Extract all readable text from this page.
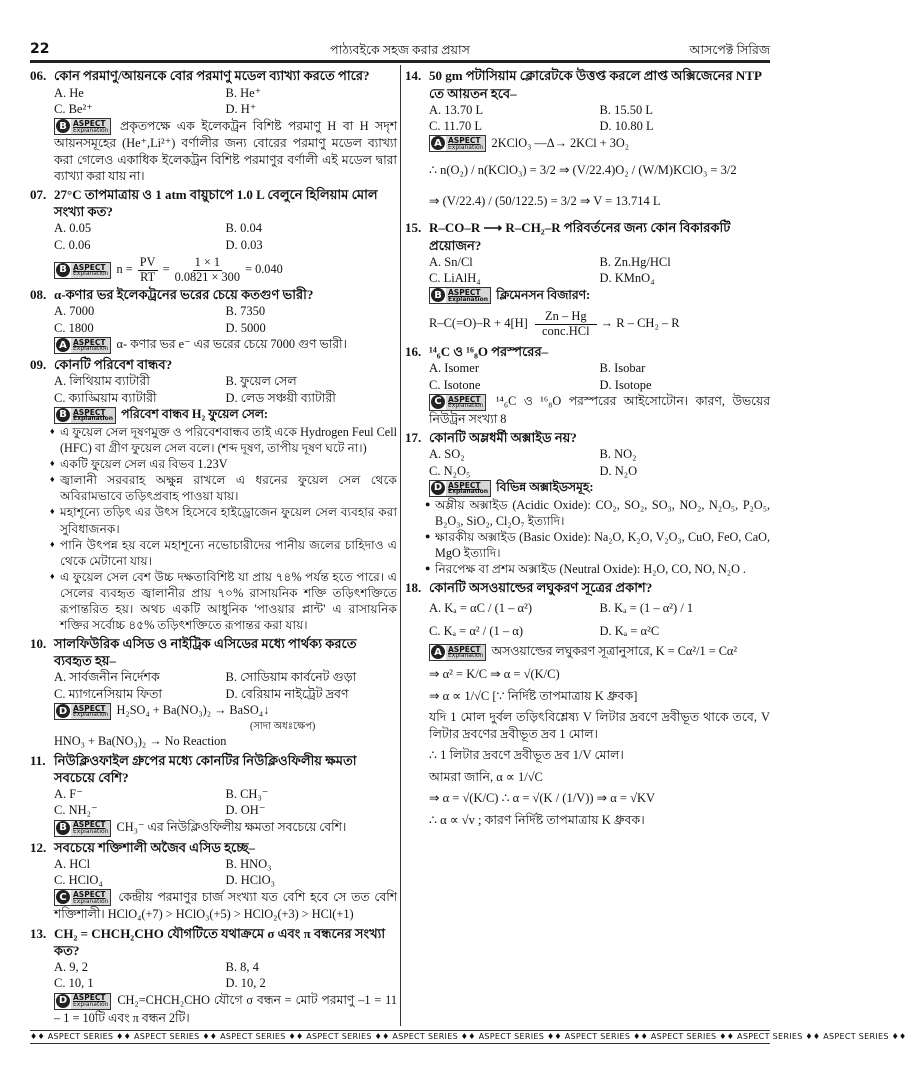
22	পাঠ্যবইকে সহজ করার প্রয়াস	আসপেক্ট সিরিজ
06. কোন পরমাণু/আয়নকে বোর পরমাণু মডেল ব্যাখ্যা করতে পারে?
A. He	B. He⁺
C. Be²⁺	D. H⁺
B ASPECT
Explanation প্রকৃতপক্ষে এক ইলেকট্রন বিশিষ্ট পরমাণু H বা H সদৃশ আয়নসমূহের (He⁺,Li²⁺) বর্ণালীর জন্য বোরের পরমাণু মডেল ব্যাখ্যা করা গেলেও একাধিক ইলেকট্রন বিশিষ্ট পরমাণুর বর্ণালী এই মডেল দ্বারা ব্যাখ্যা করা যায় না।
07. 27°C তাপমাত্রায় ও 1 atm বায়ুচাপে 1.0 L বেলুনে হিলিয়াম মোল সংখ্যা কত?
A. 0.05	B. 0.04
C. 0.06	D. 0.03
B ASPECT
Explanation $n = \frac{PV}{RT} = \frac{1 \times 1}{0.0821 \times 300} = 0.040$
08. α-কণার ভর ইলেকট্রনের ভরের চেয়ে কতগুণ ভারী?
A. 7000	B. 7350
C. 1800	D. 5000
A ASPECT
Explanation α- কণার ভর e⁻ এর ভরের চেয়ে 7000 গুণ ভারী।
09. কোনটি পরিবেশ বান্ধব?
A. লিথিয়াম ব্যাটারী	B. ফুয়েল সেল
C. ক্যাড্মিয়াম ব্যাটারী	D. লেড সঞ্চয়ী ব্যাটারী
B ASPECT
Explanation পরিবেশ বান্ধব H₂ ফুয়েল সেল:
♦ এ ফুয়েল সেল দূষণমুক্ত ও পরিবেশবান্ধব তাই একে Hydrogen Feul Cell (HFC) বা গ্রীণ ফুয়েল সেল বলে। (শব্দ দূষণ, তাপীয় দূষণ ঘটে না।)
♦ একটি ফুয়েল সেল এর বিভব 1.23V
♦ জ্বালানী সরবরাহ অক্ষুন্ন রাখলে এ ধরনের ফুয়েল সেল থেকে অবিরামভাবে তড়িৎপ্রবাহ পাওয়া যায়।
♦ মহাশূন্যে তড়িৎ এর উৎস হিসেবে হাইড্রোজেন ফুয়েল সেল ব্যবহার করা সুবিধাজনক।
♦ পানি উৎপন্ন হয় বলে মহাশূন্যে নভোচারীদের পানীয় জলের চাহিদাও এ থেকে মেটানো যায়।
♦ এ ফুয়েল সেল বেশ উচ্চ দক্ষতাবিশিষ্ট যা প্রায় ৭৪% পর্যন্ত হতে পারে। এ সেলের ব্যবহৃত জ্বালানীর প্রায় ৭০% রাসায়নিক শক্তি তড়িৎশক্তিতে রূপান্তরিত হয়। অথচ একটি আধুনিক 'পাওয়ার প্লান্ট' এ রাসায়নিক শক্তির সর্বোচ্চ ৪৫% তড়িৎশক্তিতে রূপান্তর করা যায়।
10. সালফিউরিক এসিড ও নাইট্রিক এসিডের মধ্যে পার্থক্য করতে ব্যবহৃত হয়–
A. সার্বজনীন নির্দেশক	B. সোডিয়াম কার্বনেট গুড়া
C. ম্যাগনেসিয়াম ফিতা	D. বেরিয়াম নাইট্রেট দ্রবণ
D ASPECT
Explanation H₂SO₄ + Ba(NO₃)₂ → BaSO₄↓
(সাদা অধঃক্ষেপ)
HNO₃ + Ba(NO₃)₂ → No Reaction
11. নিউক্লিওফাইল গ্রুপের মধ্যে কোনটির নিউক্লিওফিলীয় ক্ষমতা সবচেয়ে বেশি?
A. F⁻	B. CH₃⁻
C. NH₂⁻	D. OH⁻
B ASPECT
Explanation CH₃⁻ এর নিউক্লিওফিলীয় ক্ষমতা সবচেয়ে বেশি।
12. সবচেয়ে শক্তিশালী অজৈব এসিড হচ্ছে–
A. HCl	B. HNO₃
C. HClO₄	D. HClO₃
C ASPECT
Explanation কেন্দ্রীয় পরমাণুর চার্জ সংখ্যা যত বেশি হবে সে তত বেশি শক্তিশালী। HClO₄(+7) > HClO₃(+5) > HClO₂(+3) > HCl(+1)
13. CH₂ = CHCH₂CHO যৌগটিতে যথাক্রমে σ এবং π বন্ধনের সংখ্যা কত?
A. 9, 2	B. 8, 4
C. 10, 1	D. 10, 2
D ASPECT
Explanation CH₂=CHCH₂CHO যৌগে σ বন্ধন = মোট পরমাণু –1 = 11 – 1 = 10টি এবং π বন্ধন 2টি।
14. 50 gm পটাসিয়াম ক্লোরেটকে উত্তপ্ত করলে প্রাপ্ত অক্সিজেনের NTP তে আয়তন হবে–
A. 13.70 L	B. 15.50 L
C. 11.70 L	D. 10.80 L
A ASPECT
Explanation 2KClO₃ —Δ→ 2KCl + 3O₂
∴ n(O₂) / n(KClO₃) = 3/2 ⇒ (V/22.4)O₂ / (W/M)KClO₃ = 3/2
⇒ (V/22.4) / (50/122.5) = 3/2 ⇒ V = 13.714 L
15. R–CO–R ⟶ R–CH₂–R পরিবর্তনের জন্য কোন বিকারকটি প্রয়োজন?
A. Sn/Cl	B. Zn.Hg/HCl
C. LiAlH₄	D. KMnO₄
B ASPECT
Explanation ক্লিমেনসন বিজারণ:
$R-C(=O)-R + 4[H] \frac{Zn - Hg}{\text{conc.HCl}} \to R - CH_2 - R$
16. ¹⁴₆C ও ¹⁶₈O পরস্পরের–
A. Isomer	B. Isobar
C. Isotone	D. Isotope
C ASPECT
Explanation ¹⁴₆C ও ¹⁶₈O পরস্পরের আইসোটোন। কারণ, উভয়ের নিউট্রন সংখ্যা 8
17. কোনটি অম্লধর্মী অক্সাইড নয়?
A. SO₂	B. NO₂
C. N₂O₅	D. N₂O
D ASPECT
Explanation বিভিন্ন অক্সাইডসমূহ:
● অম্লীয় অক্সাইড (Acidic Oxide): CO₂, SO₂, SO₃, NO₂, N₂O₅, P₂O₅, B₂O₃, SiO₂, Cl₂O₇ ইত্যাদি।
● ক্ষারকীয় অক্সাইড (Basic Oxide): Na₂O, K₂O, V₂O₃, CuO, FeO, CaO, MgO ইত্যাদি।
● নিরপেক্ষ বা প্রশম অক্সাইড (Neutral Oxide): H₂O, CO, NO, N₂O .
18. কোনটি অসওয়াল্ডের লঘুকরণ সূত্রের প্রকাশ?
A. Kₐ = αC / (1 – α²)	B. Kₐ = (1 – α²) / 1
C. Kₐ = α² / (1 – α)	D. Kₐ = α²C
A ASPECT
Explanation অসওয়াল্ডের লঘুকরণ সূত্রানুসারে, K = Cα²/1 = Cα²
⇒ α² = K/C ⇒ α = √(K/C)
⇒ α ∝ 1/√C [∵ নির্দিষ্ট তাপমাত্রায় K ধ্রুবক]
যদি 1 মোল দুর্বল তড়িৎবিশ্লেষ্য V লিটার দ্রবণে দ্রবীভূত থাকে তবে, V লিটার দ্রবণের দ্রবীভূত দ্রব 1 মোল।
∴ 1 লিটার দ্রবণে দ্রবীভূত দ্রব 1/V মোল।
আমরা জানি, α ∝ 1/√C
⇒ α = √(K/C) ∴ α = √(K / (1/V)) ⇒ α = √KV
∴ α ∝ √v ; কারণ নির্দিষ্ট তাপমাত্রায় K ধ্রুবক।
♦♦ ASPECT SERIES ♦♦ ASPECT SERIES ♦♦ ASPECT SERIES ♦♦ ASPECT SERIES ♦♦ ASPECT SERIES ♦♦ ASPECT SERIES ♦♦ ASPECT SERIES ♦♦ ASPECT SERIES ♦♦ ASPECT SERIES ♦♦ ASPECT SERIES ♦♦
